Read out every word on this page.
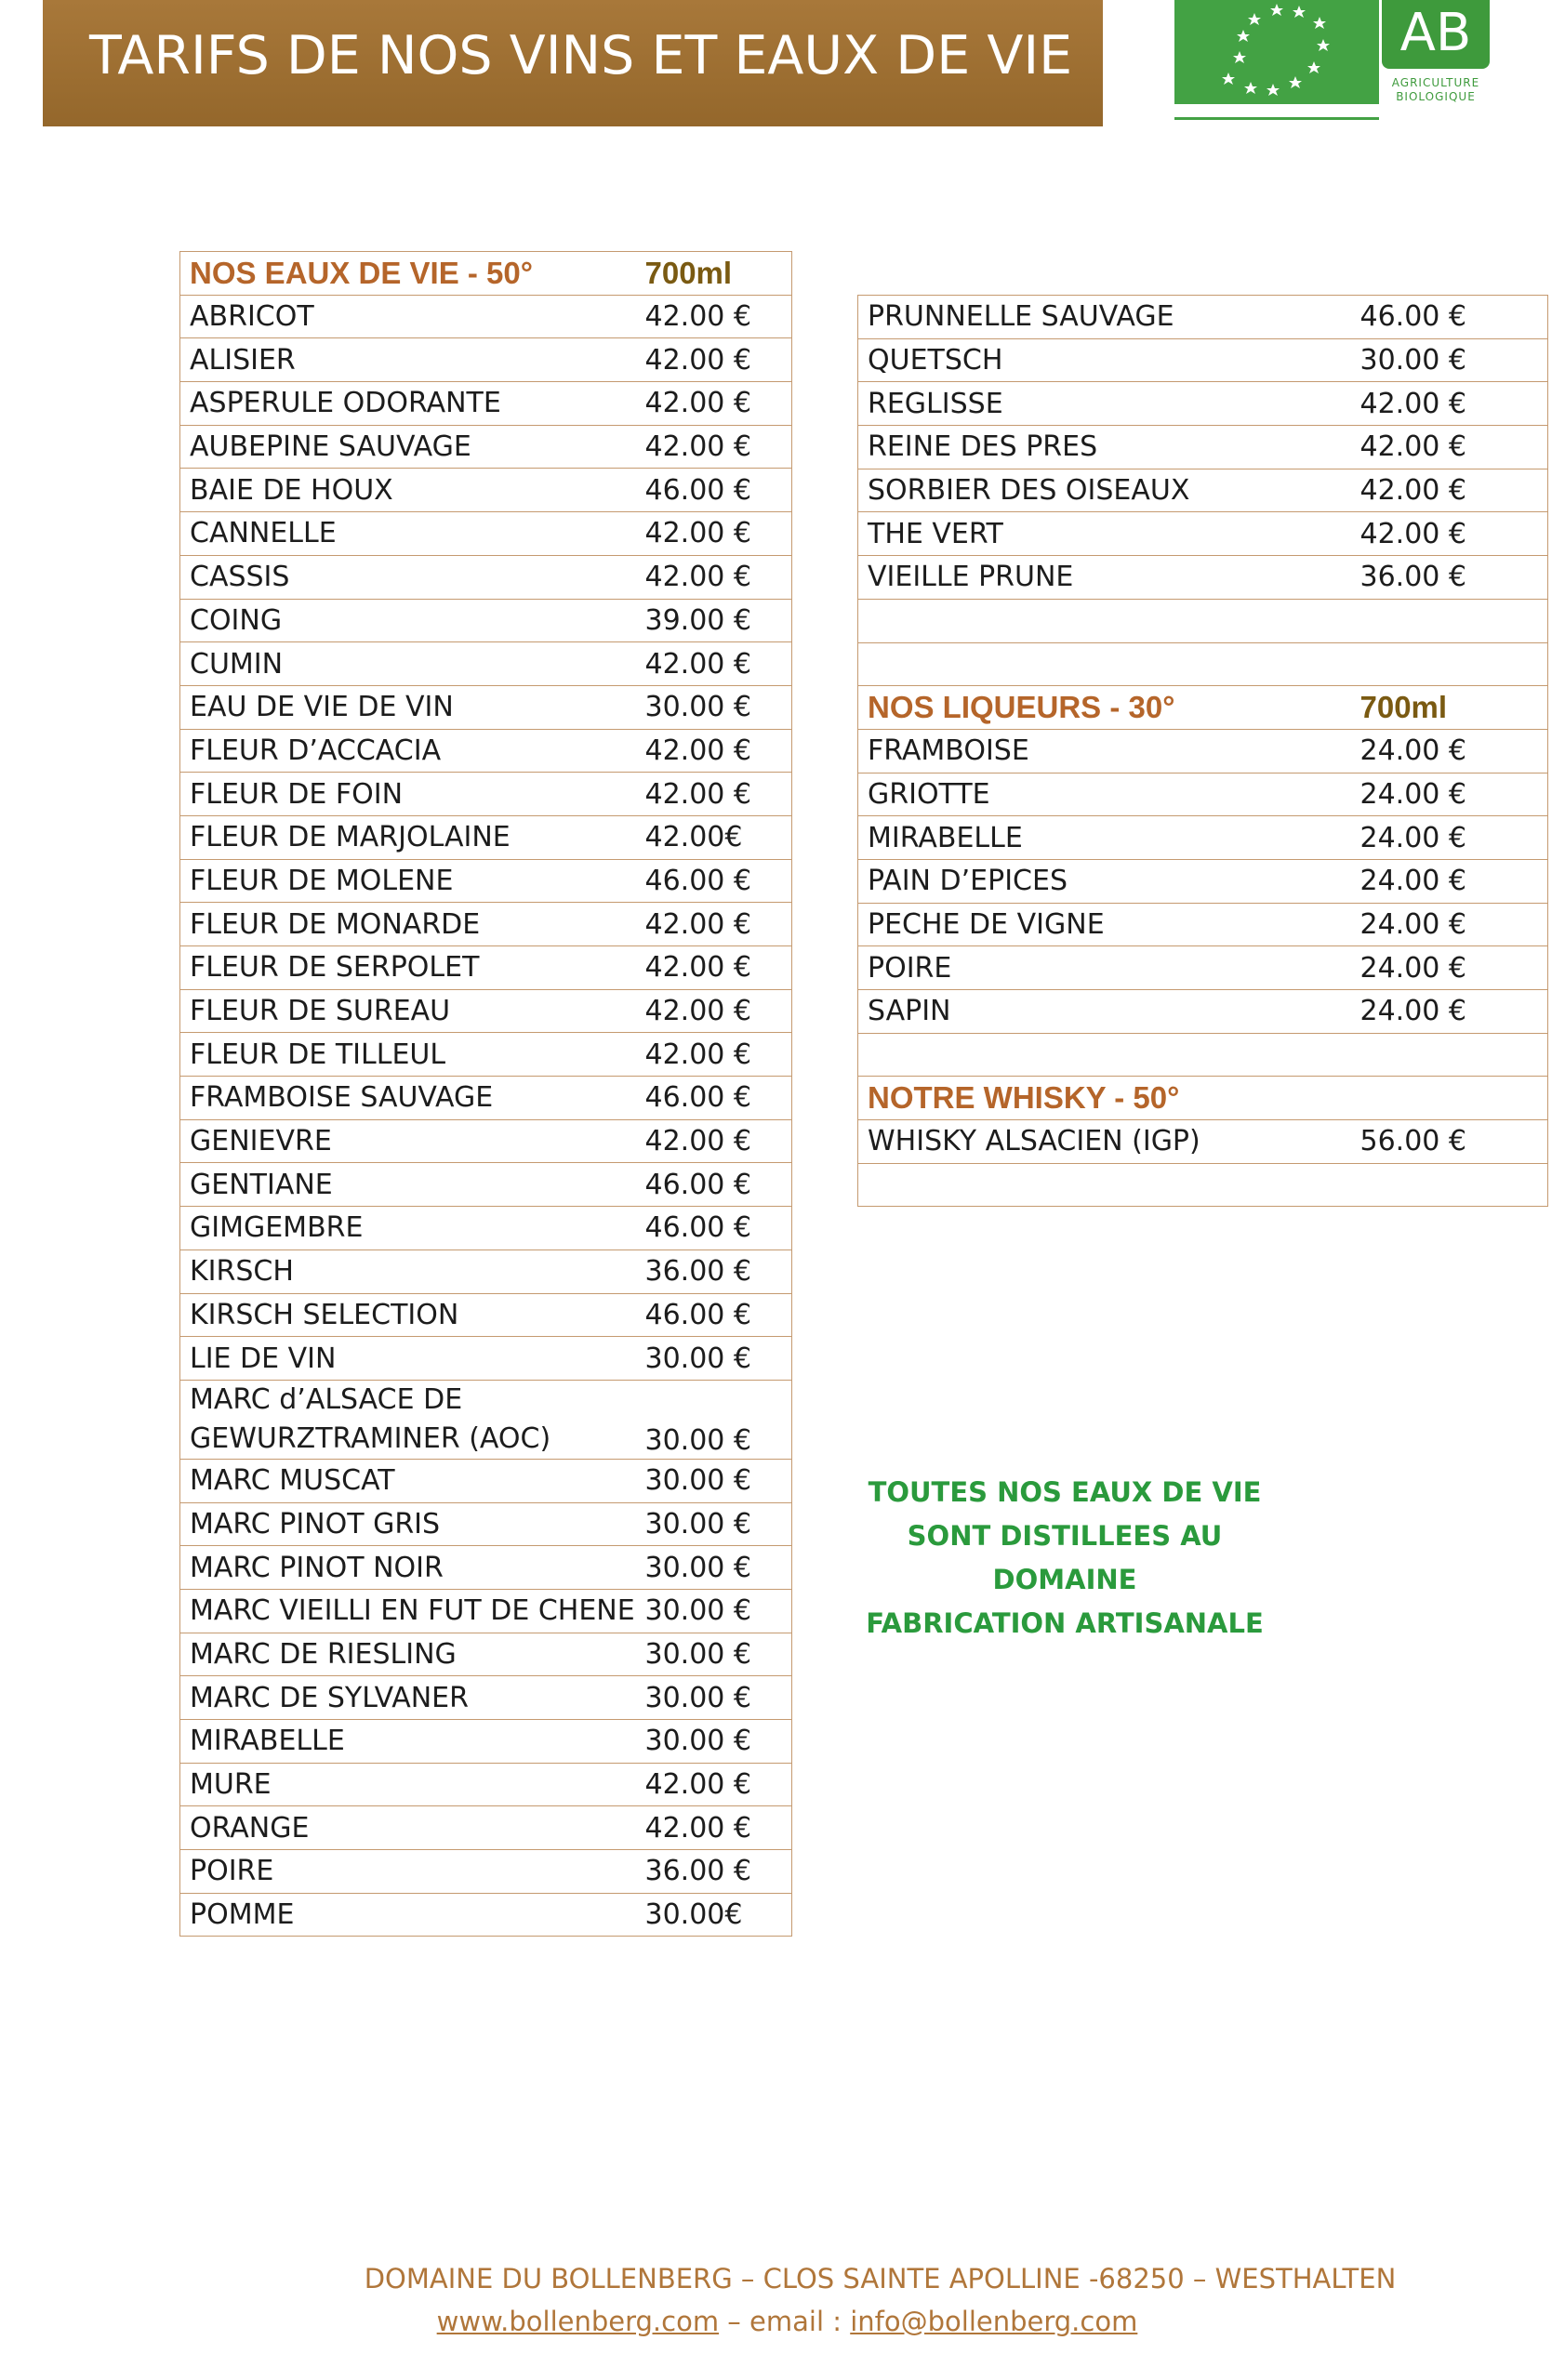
TARIFS DE NOS VINS ET EAUX DE VIE	AB
AGRICULTURE
BIOLOGIQUE
NOS EAUX DE VIE - 50°	700ml
ABRICOT	42.00 €
ALISIER	42.00 €
ASPERULE ODORANTE	42.00 €
AUBEPINE SAUVAGE	42.00 €
BAIE DE HOUX	46.00 €
CANNELLE	42.00 €
CASSIS	42.00 €
COING	39.00 €
CUMIN	42.00 €
EAU DE VIE DE VIN	30.00 €
FLEUR D’ACCACIA	42.00 €
FLEUR DE FOIN	42.00 €
FLEUR DE MARJOLAINE	42.00€
FLEUR DE MOLENE	46.00 €
FLEUR DE MONARDE	42.00 €
FLEUR DE SERPOLET	42.00 €
FLEUR DE SUREAU	42.00 €
FLEUR DE TILLEUL	42.00 €
FRAMBOISE SAUVAGE	46.00 €
GENIEVRE	42.00 €
GENTIANE	46.00 €
GIMGEMBRE	46.00 €
KIRSCH	36.00 €
KIRSCH SELECTION	46.00 €
LIE DE VIN	30.00 €
MARC d’ALSACE DE GEWURZTRAMINER (AOC)	30.00 €
MARC MUSCAT	30.00 €
MARC PINOT GRIS	30.00 €
MARC PINOT NOIR	30.00 €
MARC VIEILLI EN FUT DE CHENE	30.00 €
MARC DE RIESLING	30.00 €
MARC DE SYLVANER	30.00 €
MIRABELLE	30.00 €
MURE	42.00 €
ORANGE	42.00 €
POIRE	36.00 €
POMME	30.00€
PRUNNELLE SAUVAGE	46.00 €
QUETSCH	30.00 €
REGLISSE	42.00 €
REINE DES PRES	42.00 €
SORBIER DES OISEAUX	42.00 €
THE VERT	42.00 €
VIEILLE PRUNE	36.00 €

NOS LIQUEURS - 30°	700ml
FRAMBOISE	24.00 €
GRIOTTE	24.00 €
MIRABELLE	24.00 €
PAIN D’EPICES	24.00 €
PECHE DE VIGNE	24.00 €
POIRE	24.00 €
SAPIN	24.00 €

NOTRE WHISKY - 50°	
WHISKY ALSACIEN (IGP)	56.00 €

TOUTES NOS EAUX DE VIE
SONT DISTILLEES AU
DOMAINE
FABRICATION ARTISANALE
DOMAINE DU BOLLENBERG – CLOS SAINTE APOLLINE -68250 – WESTHALTEN
www.bollenberg.com – email : info@bollenberg.com
